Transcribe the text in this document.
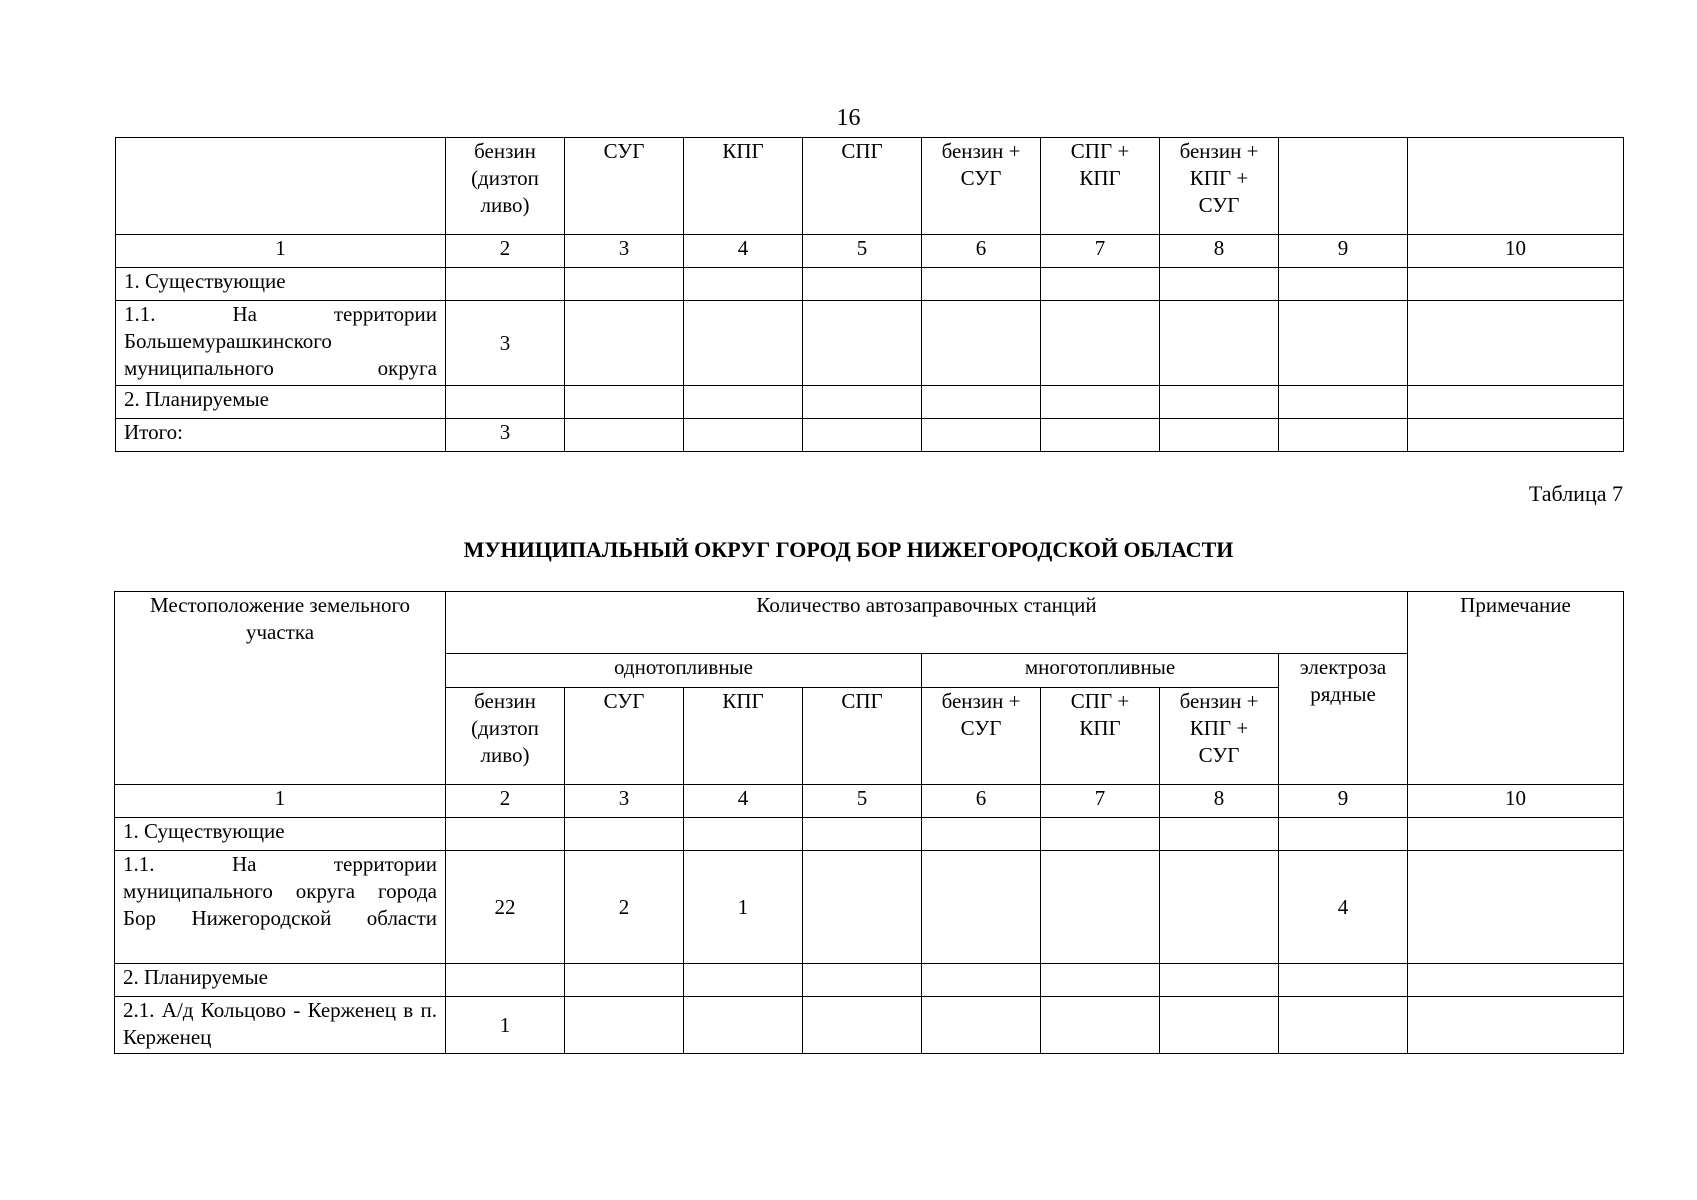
16
	бензин (дизтоп ливо)	СУГ	КПГ	СПГ	бензин + СУГ	СПГ + КПГ	бензин + КПГ + СУГ		
1	2	3	4	5	6	7	8	9	10
1. Существующие									
1.1. На территории Большемурашкинского муниципального округа	3								
2. Планируемые									
Итого:	3								
Таблица 7
МУНИЦИПАЛЬНЫЙ ОКРУГ ГОРОД БОР НИЖЕГОРОДСКОЙ ОБЛАСТИ
Местоположение земельного участка	Количество автозаправочных станций								Примечание
	однотопливные				многотопливные			электроза рядные	
	бензин (дизтоп ливо)	СУГ	КПГ	СПГ	бензин + СУГ	СПГ + КПГ	бензин + КПГ + СУГ		
1	2	3	4	5	6	7	8	9	10
1. Существующие									
1.1. На территории муниципального округа города Бор Нижегородской области	22	2	1					4	
2. Планируемые									
2.1. А/д Кольцово - Керженец в п. Керженец	1								
